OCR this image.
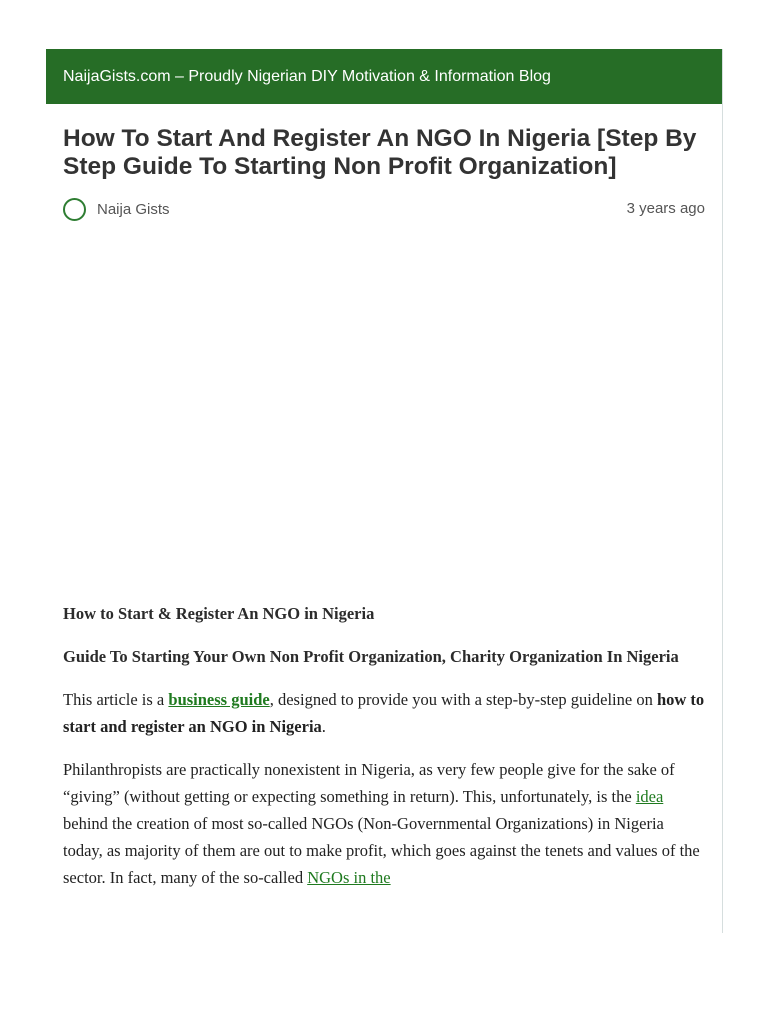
NaijaGists.com – Proudly Nigerian DIY Motivation & Information Blog
How To Start And Register An NGO In Nigeria [Step By Step Guide To Starting Non Profit Organization]
Naija Gists	3 years ago

How to Start & Register An NGO in Nigeria

Guide To Starting Your Own Non Profit Organization, Charity Organization In Nigeria

This article is a business guide, designed to provide you with a step-by-step guideline on how to start and register an NGO in Nigeria.

Philanthropists are practically nonexistent in Nigeria, as very few people give for the sake of “giving” (without getting or expecting something in return). This, unfortunately, is the idea behind the creation of most so-called NGOs (Non-Governmental Organizations) in Nigeria today, as majority of them are out to make profit, which goes against the tenets and values of the sector. In fact, many of the so-called NGOs in the
